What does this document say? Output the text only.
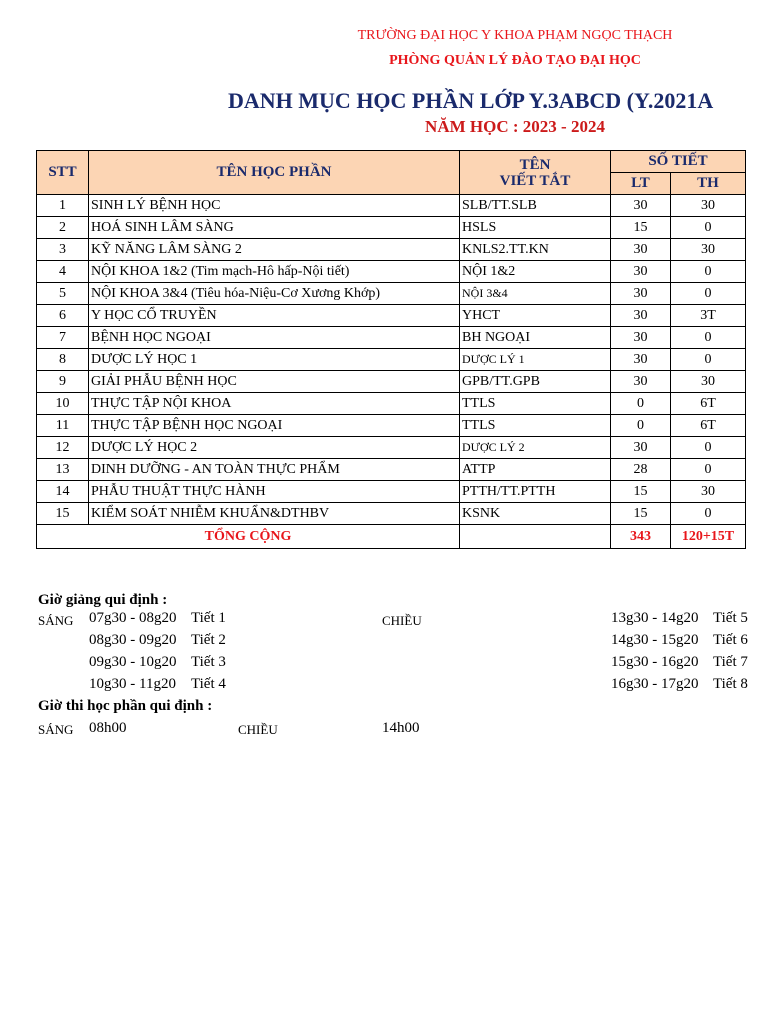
TRƯỜNG ĐẠI HỌC Y KHOA PHẠM NGỌC THẠCH
PHÒNG QUẢN LÝ ĐÀO TẠO ĐẠI HỌC
DANH MỤC HỌC PHẦN LỚP Y.3ABCD (Y.2021A
NĂM HỌC : 2023 - 2024
STT	TÊN HỌC PHẦN	TÊN
VIẾT TẮT	SỐ TIẾT	
			LT	TH
1	SINH LÝ BỆNH HỌC	SLB/TT.SLB	30	30
2	HOÁ SINH LÂM SÀNG	HSLS	15	0
3	KỸ NĂNG LÂM SÀNG 2	KNLS2.TT.KN	30	30
4	NỘI KHOA 1&2 (Tim mạch-Hô hấp-Nội tiết)	NỘI 1&2	30	0
5	NỘI KHOA 3&4 (Tiêu hóa-Niệu-Cơ Xương Khớp)	NỘI 3&4	30	0
6	Y HỌC CỔ TRUYỀN	YHCT	30	3T
7	BỆNH HỌC NGOẠI	BH NGOẠI	30	0
8	DƯỢC LÝ HỌC 1	DƯỢC LÝ 1	30	0
9	GIẢI PHẪU BỆNH HỌC	GPB/TT.GPB	30	30
10	THỰC TẬP NỘI KHOA	TTLS	0	6T
11	THỰC TẬP BỆNH HỌC NGOẠI	TTLS	0	6T
12	DƯỢC LÝ HỌC 2	DƯỢC LÝ 2	30	0
13	DINH DƯỠNG - AN TOÀN THỰC PHẨM	ATTP	28	0
14	PHẪU THUẬT THỰC HÀNH	PTTH/TT.PTTH	15	30
15	KIỂM SOÁT NHIỄM KHUẨN&DTHBV	KSNK	15	0
TỔNG CỘNG			343	120+15T
Giờ giảng qui định :
SÁNG	CHIỀU
07g30 - 08g20 Tiết 1
08g30 - 09g20 Tiết 2
09g30 - 10g20 Tiết 3
10g30 - 11g20 Tiết 4
13g30 - 14g20 Tiết 5
14g30 - 15g20 Tiết 6
15g30 - 16g20 Tiết 7
16g30 - 17g20 Tiết 8
Giờ thi học phần qui định :
SÁNG 08h00	CHIỀU	14h00
